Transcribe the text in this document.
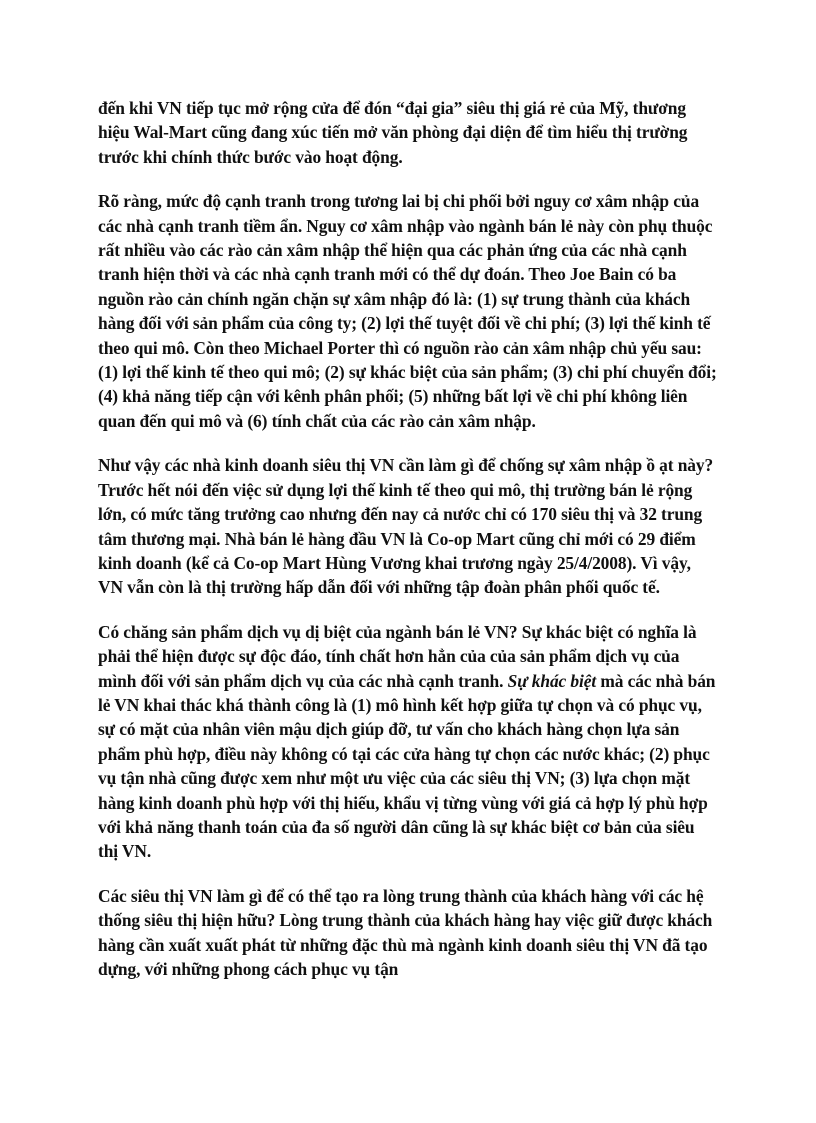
đến khi VN tiếp tục mở rộng cửa để đón “đại gia” siêu thị giá rẻ của Mỹ, thương hiệu Wal-Mart cũng đang xúc tiến mở văn phòng đại diện để tìm hiểu thị trường trước khi chính thức bước vào hoạt động.

Rõ ràng, mức độ cạnh tranh trong tương lai bị chi phối bởi nguy cơ xâm nhập của các nhà cạnh tranh tiềm ẩn. Nguy cơ xâm nhập vào ngành bán lẻ này còn phụ thuộc rất nhiều vào các rào cản xâm nhập thể hiện qua các phản ứng của các nhà cạnh tranh hiện thời và các nhà cạnh tranh mới có thể dự đoán. Theo Joe Bain có ba nguồn rào cản chính ngăn chặn sự xâm nhập đó là: (1) sự trung thành của khách hàng đối với sản phẩm của công ty; (2) lợi thế tuyệt đối về chi phí; (3) lợi thế kinh tế theo qui mô. Còn theo Michael Porter thì có nguồn rào cản xâm nhập chủ yếu sau:(1) lợi thế kinh tế theo qui mô; (2) sự khác biệt của sản phẩm; (3) chi phí chuyển đổi; (4) khả năng tiếp cận với kênh phân phối; (5) những bất lợi về chi phí không liên quan đến qui mô và (6) tính chất của các rào cản xâm nhập.

Như vậy các nhà kinh doanh siêu thị VN cần làm gì để chống sự xâm nhập ồ ạt này? Trước hết nói đến việc sử dụng lợi thế kinh tế theo qui mô, thị trường bán lẻ rộng lớn, có mức tăng trưởng cao nhưng đến nay cả nước chỉ có 170 siêu thị và 32 trung tâm thương mại. Nhà bán lẻ hàng đầu VN là Co-op Mart cũng chỉ mới có 29 điểm kinh doanh (kể cả Co-op Mart Hùng Vương khai trương ngày 25/4/2008). Vì vậy, VN vẫn còn là thị trường hấp dẫn đối với những tập đoàn phân phối quốc tế.

Có chăng sản phẩm dịch vụ dị biệt của ngành bán lẻ VN? Sự khác biệt có nghĩa là phải thể hiện được sự độc đáo, tính chất hơn hẳn của của sản phẩm dịch vụ của mình đối với sản phẩm dịch vụ của các nhà cạnh tranh. Sự khác biệt mà các nhà bán lẻ VN khai thác khá thành công là (1) mô hình kết hợp giữa tự chọn và có phục vụ, sự có mặt của nhân viên mậu dịch giúp đỡ, tư vấn cho khách hàng chọn lựa sản phẩm phù hợp, điều này không có tại các cửa hàng tự chọn các nước khác; (2) phục vụ tận nhà cũng được xem như một ưu việc của các siêu thị VN; (3) lựa chọn mặt hàng kinh doanh phù hợp với thị hiếu, khẩu vị từng vùng với giá cả hợp lý phù hợp với khả năng thanh toán của đa số người dân cũng là sự khác biệt cơ bản của siêu thị VN.

Các siêu thị VN làm gì để có thể tạo ra lòng trung thành của khách hàng với các hệ thống siêu thị hiện hữu? Lòng trung thành của khách hàng hay việc giữ được khách hàng cần xuất xuất phát từ những đặc thù mà ngành kinh doanh siêu thị VN đã tạo dựng, với những phong cách phục vụ tận
